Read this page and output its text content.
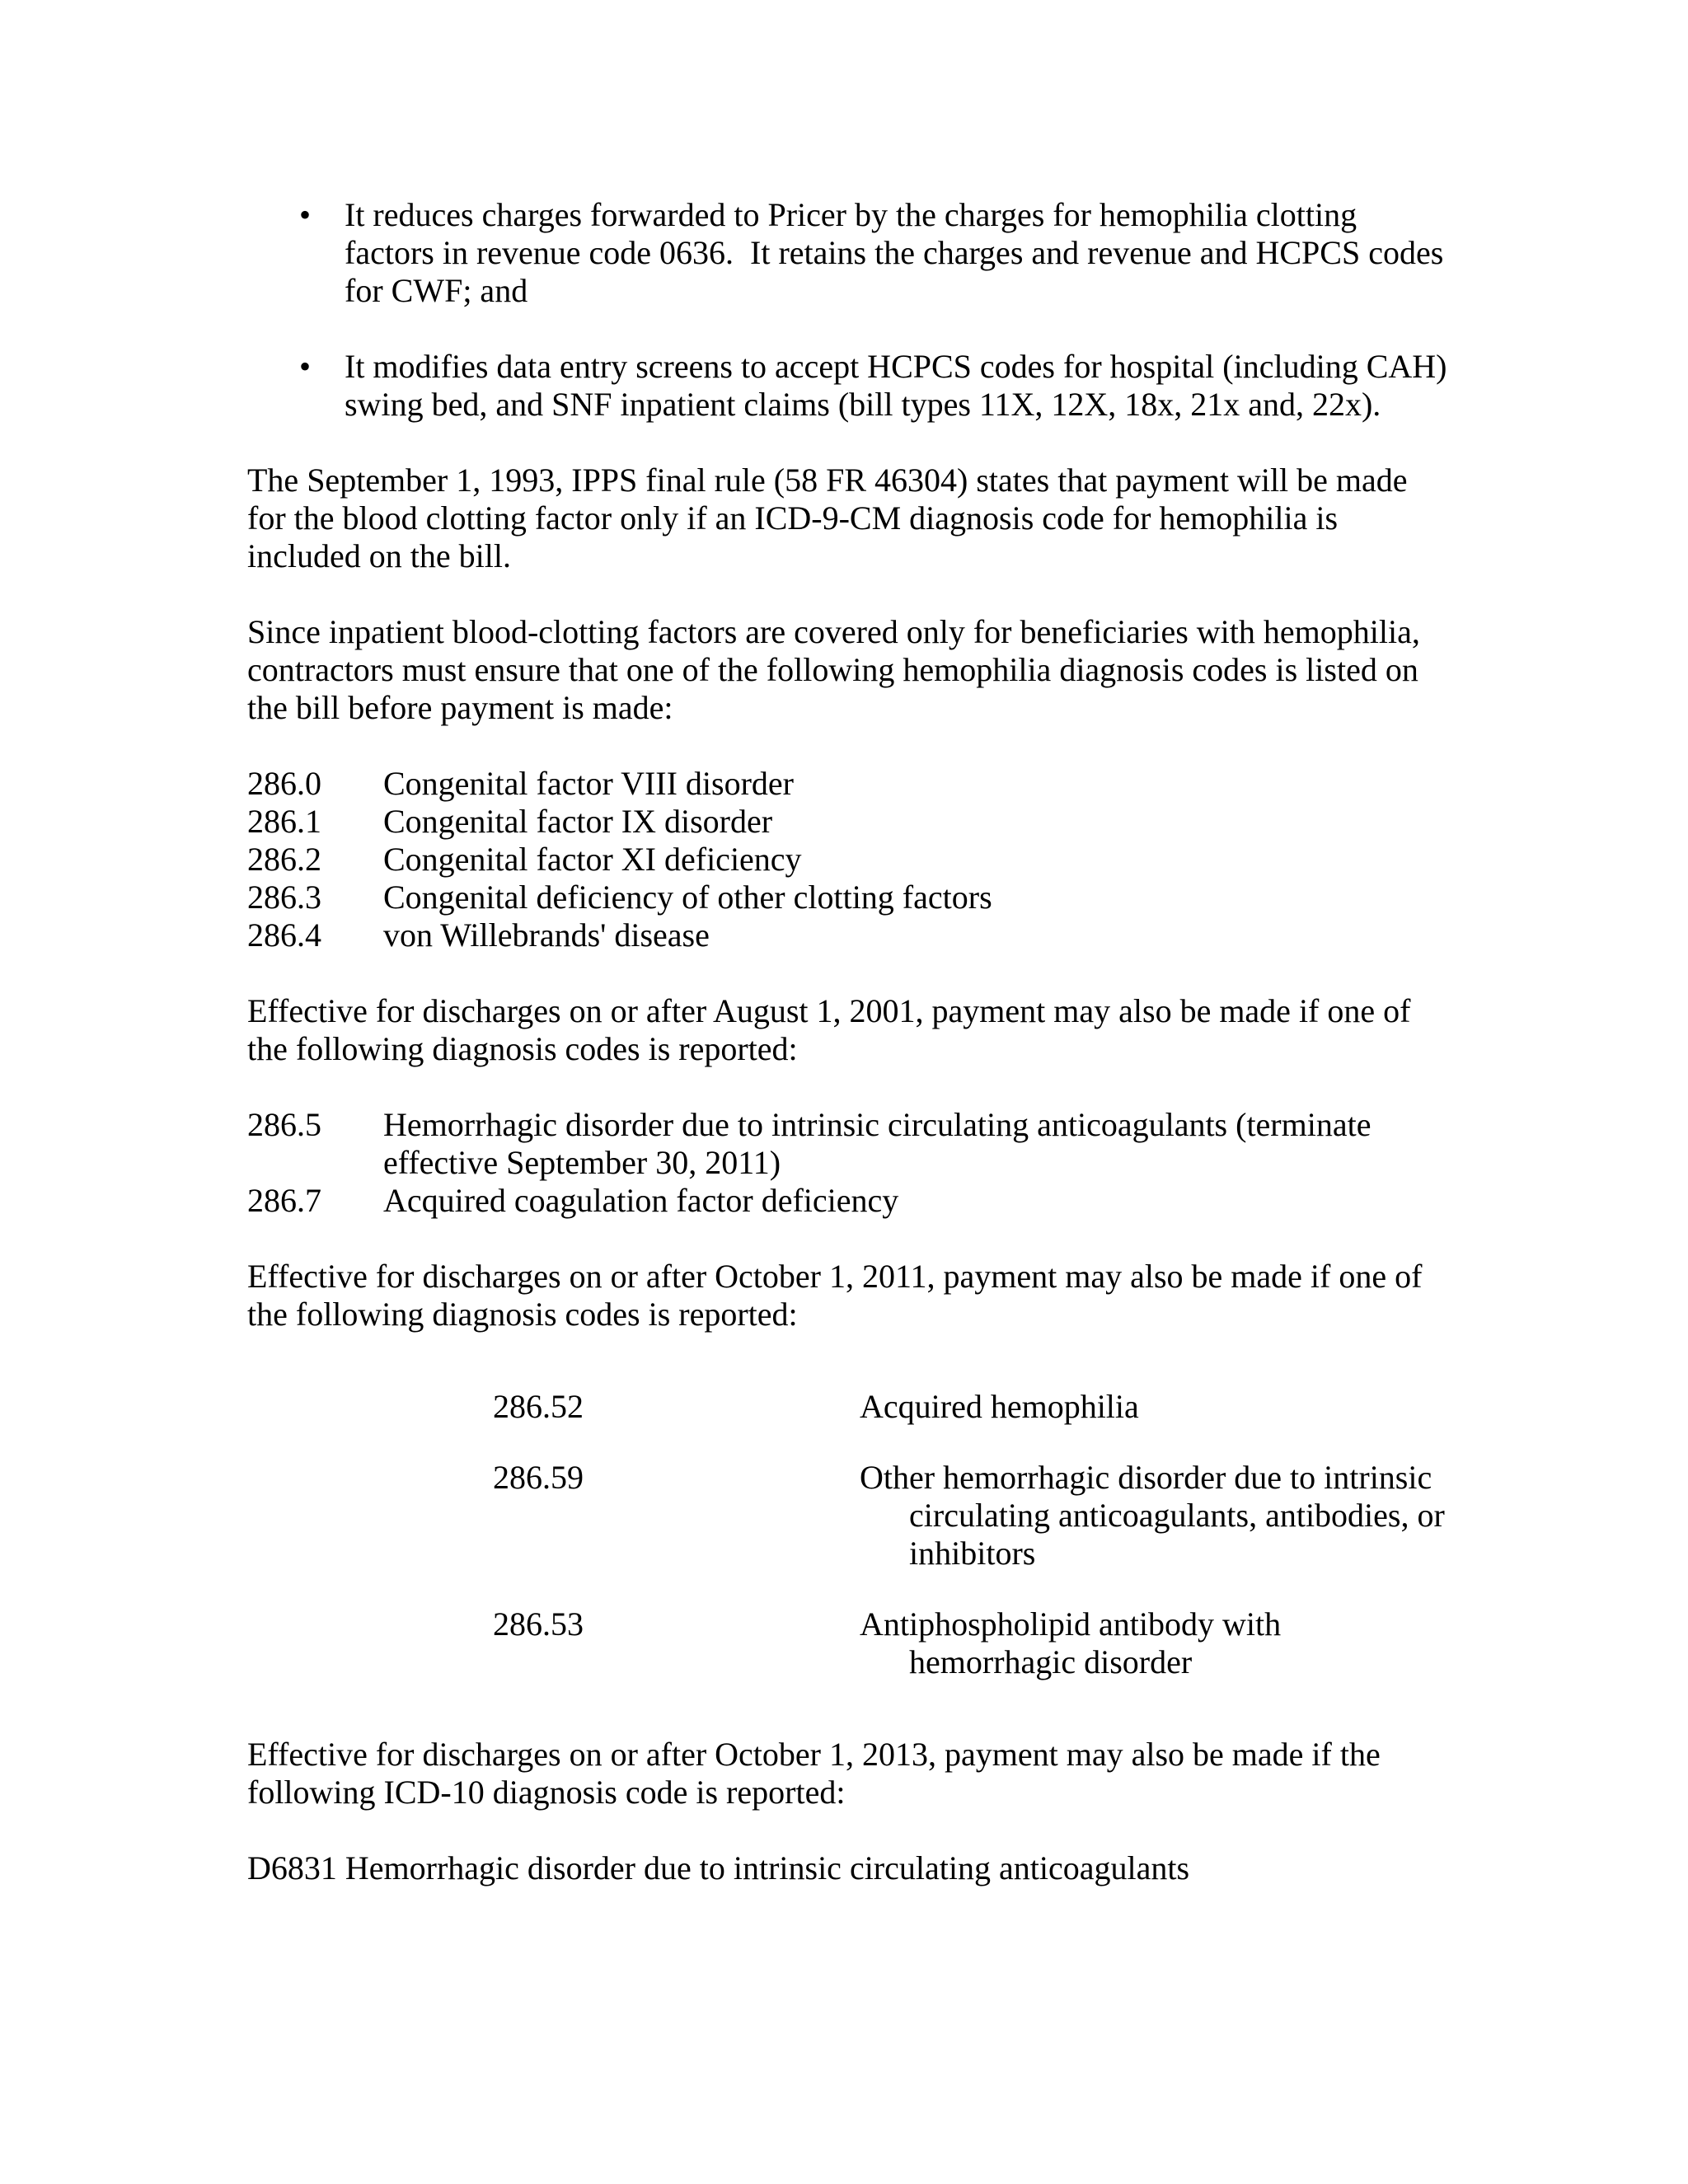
• It reduces charges forwarded to Pricer by the charges for hemophilia clotting factors in revenue code 0636.  It retains the charges and revenue and HCPCS codes for CWF; and
• It modifies data entry screens to accept HCPCS codes for hospital (including CAH) swing bed, and SNF inpatient claims (bill types 11X, 12X, 18x, 21x and, 22x).

The September 1, 1993, IPPS final rule (58 FR 46304) states that payment will be made for the blood clotting factor only if an ICD-9-CM diagnosis code for hemophilia is included on the bill.

Since inpatient blood-clotting factors are covered only for beneficiaries with hemophilia, contractors must ensure that one of the following hemophilia diagnosis codes is listed on the bill before payment is made:

286.0	Congenital factor VIII disorder
286.1	Congenital factor IX disorder
286.2	Congenital factor XI deficiency
286.3	Congenital deficiency of other clotting factors
286.4	von Willebrands' disease

Effective for discharges on or after August 1, 2001, payment may also be made if one of the following diagnosis codes is reported:

286.5	Hemorrhagic disorder due to intrinsic circulating anticoagulants (terminate effective September 30, 2011)
286.7	Acquired coagulation factor deficiency

Effective for discharges on or after October 1, 2011, payment may also be made if one of the following diagnosis codes is reported:

286.52	Acquired hemophilia
286.59	Other hemorrhagic disorder due to intrinsic circulating anticoagulants, antibodies, or inhibitors
286.53	Antiphospholipid antibody with hemorrhagic disorder

Effective for discharges on or after October 1, 2013, payment may also be made if the following ICD-10 diagnosis code is reported:

D6831 Hemorrhagic disorder due to intrinsic circulating anticoagulants
